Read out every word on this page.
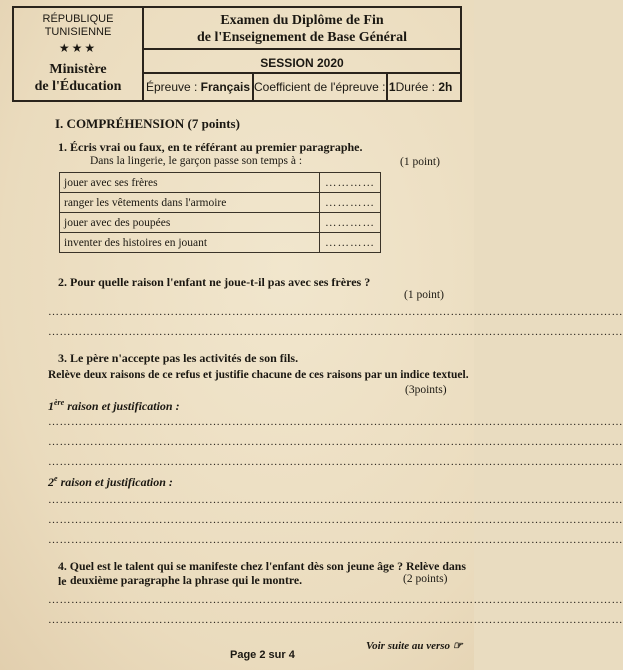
RÉPUBLIQUE
TUNISIENNE
★★★
Ministère
de l'Éducation
Examen du Diplôme de Fin
de l'Enseignement de Base Général
SESSION 2020
Épreuve : Français Coefficient de l'épreuve : 1 Durée : 2h
I. COMPRÉHENSION (7 points)
1. Écris vrai ou faux, en te référant au premier paragraphe.
Dans la lingerie, le garçon passe son temps à :	(1 point)
jouer avec ses frères	…………
ranger les vêtements dans l'armoire	…………
jouer avec des poupées	…………
inventer des histoires en jouant	…………
2. Pour quelle raison l'enfant ne joue-t-il pas avec ses frères ?
(1 point)
……………………………………………………………………………………………………………………………………
……………………………………………………………………………………………………………………………………
3. Le père n'accepte pas les activités de son fils.
Relève deux raisons de ce refus et justifie chacune de ces raisons par un indice textuel.
(3points)
1ère raison et justification :
……………………………………………………………………………………………………………………………………
……………………………………………………………………………………………………………………………………
……………………………………………………………………………………………………………………………………
2e raison et justification :
……………………………………………………………………………………………………………………………………
……………………………………………………………………………………………………………………………………
……………………………………………………………………………………………………………………………………
4. Quel est le talent qui se manifeste chez l'enfant dès son jeune âge ? Relève dans le deuxième paragraphe la phrase qui le montre.	(2 points)
……………………………………………………………………………………………………………………………………
……………………………………………………………………………………………………………………………………
Page 2 sur 4
Voir suite au verso ☞
